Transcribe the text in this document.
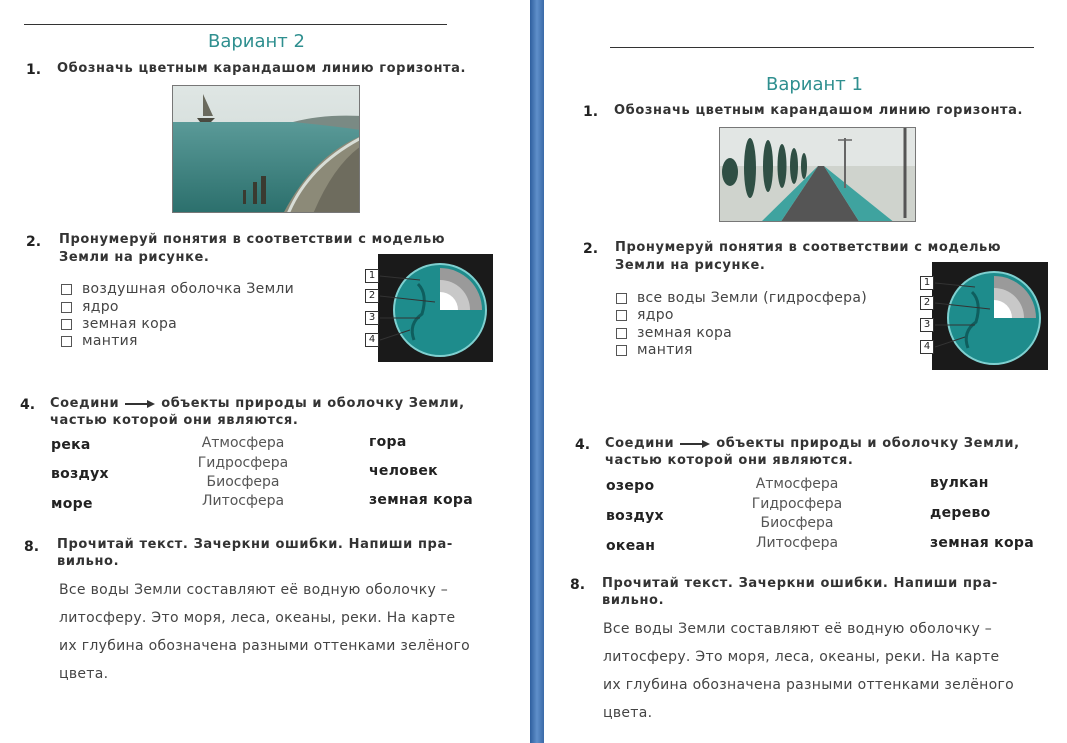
Вариант 2
1. Обозначь цветным карандашом линию горизонта.
2. Пронумеруй понятия в соответствии с моделью
Земли на рисунке.
воздушная оболочка Земли
ядро
земная кора
мантия
1
2
3
4
4. Соедини	объекты природы и оболочку Земли,
частью которой они являются.
река
воздух
море
Атмосфера
Гидросфера
Биосфера
Литосфера
гора
человек
земная кора
8. Прочитай текст. Зачеркни ошибки. Напиши пра-
вильно.
Все воды Земли составляют её водную оболочку –
литосферу. Это моря, леса, океаны, реки. На карте
их глубина обозначена разными оттенками зелёного
цвета.
Вариант 1
1. Обозначь цветным карандашом линию горизонта.
2. Пронумеруй понятия в соответствии с моделью
Земли на рисунке.
все воды Земли (гидросфера)
ядро
земная кора
мантия
1
2
3
4
4. Соедини	объекты природы и оболочку Земли,
частью которой они являются.
озеро
воздух
океан
Атмосфера
Гидросфера
Биосфера
Литосфера
вулкан
дерево
земная кора
8. Прочитай текст. Зачеркни ошибки. Напиши пра-
вильно.
Все воды Земли составляют её водную оболочку –
литосферу. Это моря, леса, океаны, реки. На карте
их глубина обозначена разными оттенками зелёного
цвета.
